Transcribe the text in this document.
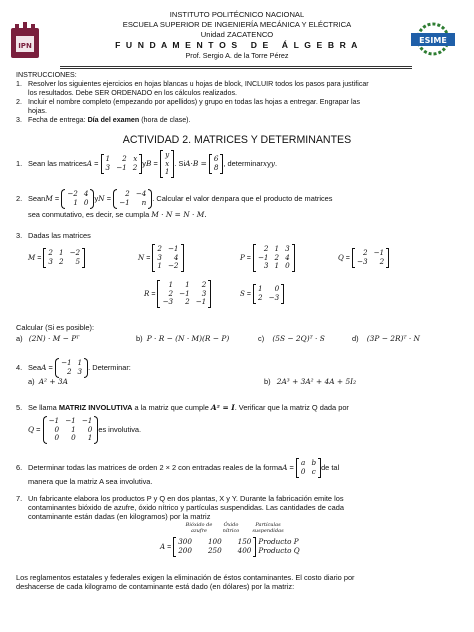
INSTITUTO POLITÉCNICO NACIONAL
ESCUELA SUPERIOR DE INGENIERÍA MECÁNICA Y ELÉCTRICA
Unidad ZACATENCO
F U N D A M E N T O S   D E   Á L G E B R A
Prof. Sergio A. de la Torre Pérez
IPN
ESIME
INSTRUCCIONES:
1. Resolver los siguientes ejercicios en hojas blancas u hojas de block, INCLUIR todos los pasos para justificar
los resultados. Debe SER ORDENADO en los cálculos realizados.
2. Incluir el nombre completo (empezando por apellidos) y grupo en todas las hojas a entregar. Engrapar las
hojas.
3. Fecha de entrega: Día del examen (hora de clase).
ACTIVIDAD 2. MATRICES Y DETERMINANTES
1. Sean las matrices A =
1	2 x
3 −1 2 y B =
y
x
1
. Si A·B =

6
8 , determinar x y y .
2. Sean M =
−2 4
1 0 y N =
2 −4
−1	n . Calcular el valor de n para que el producto de matrices
sea conmutativo, es decir, se cumpla M · N = N · M.
3. Dadas las matrices
M =
2 1 −2
3 2	5	N =
2 −1
3	4
1 −2
P =
2 1 3
−1 2 4
3 1 0
Q =
2 −1
−3	2
R =
1	1	2
2 −1	3
−3	2 −1
S =
1	0
2 −3
Calcular (Si es posible):
a) (2N) · M − Pᵀ	b) P · R − (N · M)(R − P)	c) (5S − 2Q)ᵀ · S	d) (3P − 2R)ᵀ · N
4. Sea A =
−1 1
2 3 . Determinar:
a) A² + 3A	b) 2A³ + 3A² + 4A + 5I₂
5. Se llama MATRIZ INVOLUTIVA a la matriz que cumple A² = I. Verificar que la matriz Q dada por
Q =
−1 −1 −1
0	1	0
0	0	1
es involutiva.
6. Determinar todas las matrices de orden 2 × 2 con entradas reales de la forma A =
a b
0 c de tal
manera que la matriz A sea involutiva.
7. Un fabricante elabora los productos P y Q en dos plantas, X y Y. Durante la fabricación emite los
contaminantes bióxido de azufre, óxido nítrico y partículas suspendidas. Las cantidades de cada
contaminante están dadas (en kilogramos) por la matriz
Bióxido de
azufre
Óxido
nítrico
Partículas
suspendidas
A =
300 100 150
200 250 400
Producto P
Producto Q
Los reglamentos estatales y federales exigen la eliminación de éstos contaminantes. El costo diario por
deshacerse de cada kilogramo de contaminante está dado (en dólares) por la matriz:
